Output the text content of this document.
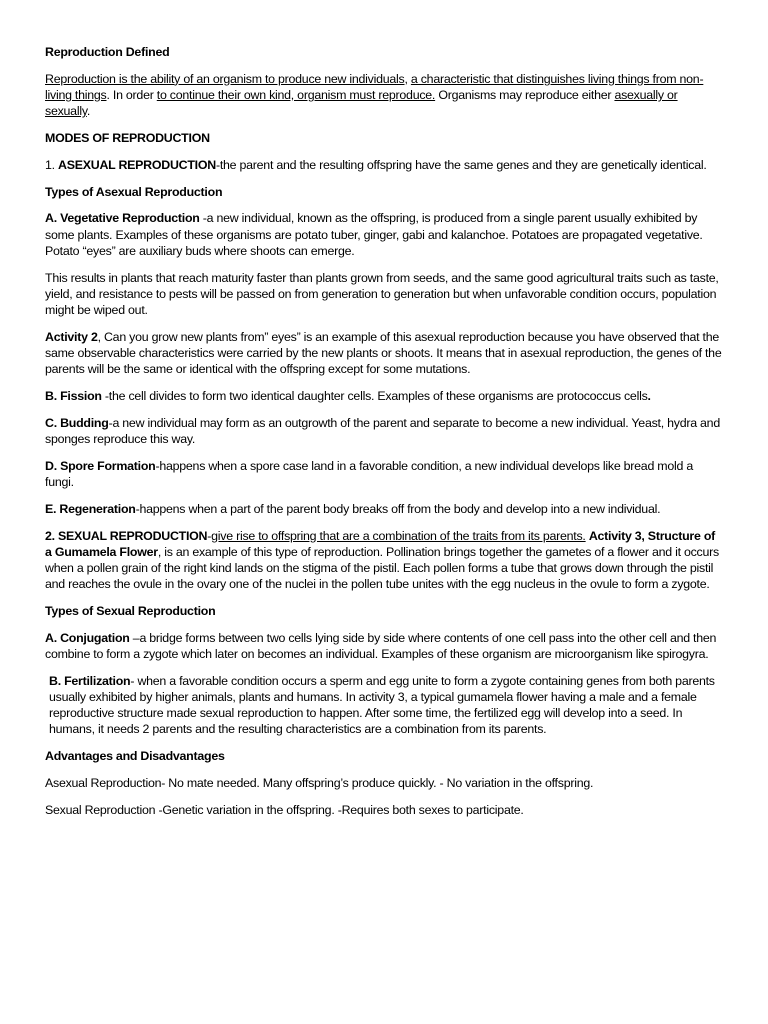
Reproduction Defined

Reproduction is the ability of an organism to produce new individuals, a characteristic that distinguishes living things from non-living things. In order to continue their own kind, organism must reproduce. Organisms may reproduce either asexually or sexually.

MODES OF REPRODUCTION

1. ASEXUAL REPRODUCTION-the parent and the resulting offspring have the same genes and they are genetically identical.

Types of Asexual Reproduction

A. Vegetative Reproduction -a new individual, known as the offspring, is produced from a single parent usually exhibited by some plants. Examples of these organisms are potato tuber, ginger, gabi and kalanchoe. Potatoes are propagated vegetative. Potato “eyes” are auxiliary buds where shoots can emerge.

This results in plants that reach maturity faster than plants grown from seeds, and the same good agricultural traits such as taste, yield, and resistance to pests will be passed on from generation to generation but when unfavorable condition occurs, population might be wiped out.

Activity 2, Can you grow new plants from” eyes” is an example of this asexual reproduction because you have observed that the same observable characteristics were carried by the new plants or shoots. It means that in asexual reproduction, the genes of the parents will be the same or identical with the offspring except for some mutations.

B. Fission -the cell divides to form two identical daughter cells. Examples of these organisms are protococcus cells.

C. Budding-a new individual may form as an outgrowth of the parent and separate to become a new individual. Yeast, hydra and sponges reproduce this way.

D. Spore Formation-happens when a spore case land in a favorable condition, a new individual develops like bread mold a fungi.

E. Regeneration-happens when a part of the parent body breaks off from the body and develop into a new individual.

2. SEXUAL REPRODUCTION-give rise to offspring that are a combination of the traits from its parents. Activity 3, Structure of a Gumamela Flower, is an example of this type of reproduction. Pollination brings together the gametes of a flower and it occurs when a pollen grain of the right kind lands on the stigma of the pistil. Each pollen forms a tube that grows down through the pistil and reaches the ovule in the ovary one of the nuclei in the pollen tube unites with the egg nucleus in the ovule to form a zygote.

Types of Sexual Reproduction

A. Conjugation –a bridge forms between two cells lying side by side where contents of one cell pass into the other cell and then combine to form a zygote which later on becomes an individual. Examples of these organism are microorganism like spirogyra.

B. Fertilization- when a favorable condition occurs a sperm and egg unite to form a zygote containing genes from both parents usually exhibited by higher animals, plants and humans. In activity 3, a typical gumamela flower having a male and a female reproductive structure made sexual reproduction to happen. After some time, the fertilized egg will develop into a seed. In humans, it needs 2 parents and the resulting characteristics are a combination from its parents.

Advantages and Disadvantages

Asexual Reproduction- No mate needed. Many offspring’s produce quickly. - No variation in the offspring.

Sexual Reproduction -Genetic variation in the offspring. -Requires both sexes to participate.
